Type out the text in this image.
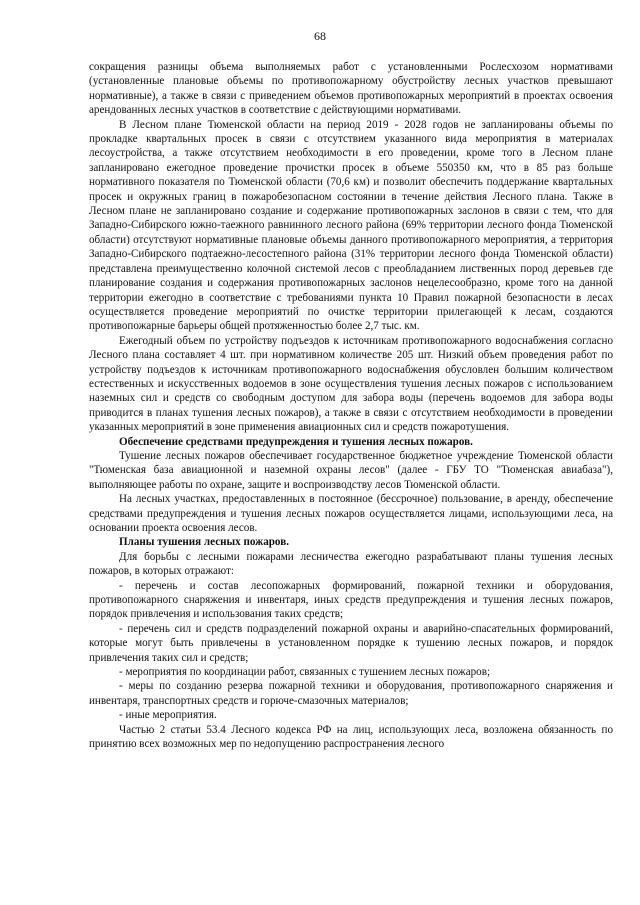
68

сокращения разницы объема выполняемых работ с установленными Рослесхозом нормативами (установленные плановые объемы по противопожарному обустройству лесных участков превышают нормативные), а также в связи с приведением объемов противопожарных мероприятий в проектах освоения арендованных лесных участков в соответствие с действующими нормативами.

В Лесном плане Тюменской области на период 2019 - 2028 годов не запланированы объемы по прокладке квартальных просек в связи с отсутствием указанного вида мероприятия в материалах лесоустройства, а также отсутствием необходимости в его проведении, кроме того в Лесном плане запланировано ежегодное проведение прочистки просек в объеме 550350 км, что в 85 раз больше нормативного показателя по Тюменской области (70,6 км) и позволит обеспечить поддержание квартальных просек и окружных границ в пожаробезопасном состоянии в течение действия Лесного плана. Также в Лесном плане не запланировано создание и содержание противопожарных заслонов в связи с тем, что для Западно-Сибирского южно-таежного равнинного лесного района (69% территории лесного фонда Тюменской области) отсутствуют нормативные плановые объемы данного противопожарного мероприятия, а территория Западно-Сибирского подтаежно-лесостепного района (31% территории лесного фонда Тюменской области) представлена преимущественно колочной системой лесов с преобладанием лиственных пород деревьев где планирование создания и содержания противопожарных заслонов нецелесообразно, кроме того на данной территории ежегодно в соответствие с требованиями пункта 10 Правил пожарной безопасности в лесах осуществляется проведение мероприятий по очистке территории прилегающей к лесам, создаются противопожарные барьеры общей протяженностью более 2,7 тыс. км.

Ежегодный объем по устройству подъездов к источникам противопожарного водоснабжения согласно Лесного плана составляет 4 шт. при нормативном количестве 205 шт. Низкий объем проведения работ по устройству подъездов к источникам противопожарного водоснабжения обусловлен большим количеством естественных и искусственных водоемов в зоне осуществления тушения лесных пожаров с использованием наземных сил и средств со свободным доступом для забора воды (перечень водоемов для забора воды приводится в планах тушения лесных пожаров), а также в связи с отсутствием необходимости в проведении указанных мероприятий в зоне применения авиационных сил и средств пожаротушения.

Обеспечение средствами предупреждения и тушения лесных пожаров.

Тушение лесных пожаров обеспечивает государственное бюджетное учреждение Тюменской области "Тюменская база авиационной и наземной охраны лесов" (далее - ГБУ ТО "Тюменская авиабаза"), выполняющее работы по охране, защите и воспроизводству лесов Тюменской области.

На лесных участках, предоставленных в постоянное (бессрочное) пользование, в аренду, обеспечение средствами предупреждения и тушения лесных пожаров осуществляется лицами, использующими леса, на основании проекта освоения лесов.

Планы тушения лесных пожаров.

Для борьбы с лесными пожарами лесничества ежегодно разрабатывают планы тушения лесных пожаров, в которых отражают:

- перечень и состав лесопожарных формирований, пожарной техники и оборудования, противопожарного снаряжения и инвентаря, иных средств предупреждения и тушения лесных пожаров, порядок привлечения и использования таких средств;

- перечень сил и средств подразделений пожарной охраны и аварийно-спасательных формирований, которые могут быть привлечены в установленном порядке к тушению лесных пожаров, и порядок привлечения таких сил и средств;

- мероприятия по координации работ, связанных с тушением лесных пожаров;

- меры по созданию резерва пожарной техники и оборудования, противопожарного снаряжения и инвентаря, транспортных средств и горюче-смазочных материалов;

- иные мероприятия.

Частью 2 статьи 53.4 Лесного кодекса РФ на лиц, использующих леса, возложена обязанность по принятию всех возможных мер по недопущению распространения лесного
